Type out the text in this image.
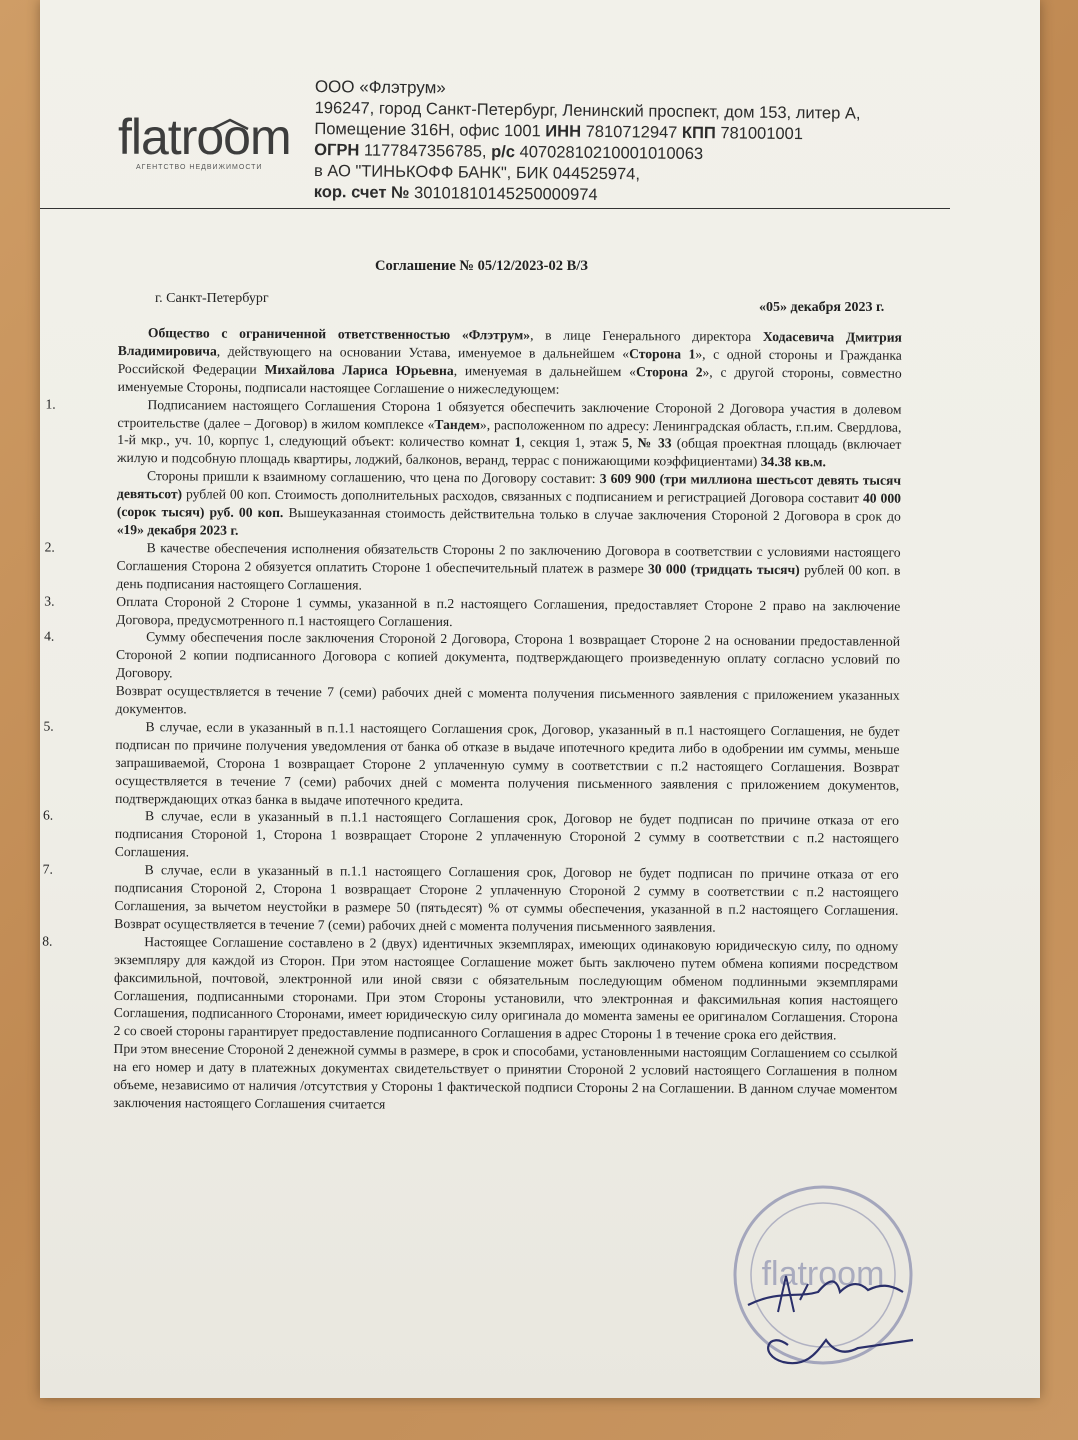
flatroom
АГЕНТСТВО НЕДВИЖИМОСТИ
ООО «Флэтрум»
196247, город Санкт-Петербург, Ленинский проспект, дом 153, литер А,
Помещение 316Н, офис 1001 ИНН 7810712947 КПП 781001001
ОГРН 1177847356785, р/с 40702810210001010063
в АО "ТИНЬКОФФ БАНК", БИК 044525974,
кор. счет № 30101810145250000974
Соглашение № 05/12/2023-02 В/З
г. Санкт-Петербург
«05» декабря 2023 г.

Общество с ограниченной ответственностью «Флэтрум», в лице Генерального директора Ходасевича Дмитрия Владимировича, действующего на основании Устава, именуемое в дальнейшем «Сторона 1», с одной стороны и Гражданка Российской Федерации Михайлова Лариса Юрьевна, именуемая в дальнейшем «Сторона 2», с другой стороны, совместно именуемые Стороны, подписали настоящее Соглашение о нижеследующем:

1.	Подписанием настоящего Соглашения Сторона 1 обязуется обеспечить заключение Стороной 2 Договора участия в долевом строительстве (далее – Договор) в жилом комплексе «Тандем», расположенном по адресу: Ленинградская область, г.п.им. Свердлова, 1-й мкр., уч. 10, корпус 1, следующий объект: количество комнат 1, секция 1, этаж 5, № 33 (общая проектная площадь (включает жилую и подсобную площадь квартиры, лоджий, балконов, веранд, террас с понижающими коэффициентами) 34.38 кв.м.

Стороны пришли к взаимному соглашению, что цена по Договору составит: 3 609 900 (три миллиона шестьсот девять тысяч девятьсот) рублей 00 коп. Стоимость дополнительных расходов, связанных с подписанием и регистрацией Договора составит 40 000 (сорок тысяч) руб. 00 коп. Вышеуказанная стоимость действительна только в случае заключения Стороной 2 Договора в срок до «19» декабря 2023 г.

2.	В качестве обеспечения исполнения обязательств Стороны 2 по заключению Договора в соответствии с условиями настоящего Соглашения Сторона 2 обязуется оплатить Стороне 1 обеспечительный платеж в размере 30 000 (тридцать тысяч) рублей 00 коп. в день подписания настоящего Соглашения.

3.	Оплата Стороной 2 Стороне 1 суммы, указанной в п.2 настоящего Соглашения, предоставляет Стороне 2 право на заключение Договора, предусмотренного п.1 настоящего Соглашения.

4.	Сумму обеспечения после заключения Стороной 2 Договора, Сторона 1 возвращает Стороне 2 на основании предоставленной Стороной 2 копии подписанного Договора с копией документа, подтверждающего произведенную оплату согласно условий по Договору.

Возврат осуществляется в течение 7 (семи) рабочих дней с момента получения письменного заявления с приложением указанных документов.

5.	В случае, если в указанный в п.1.1 настоящего Соглашения срок, Договор, указанный в п.1 настоящего Соглашения, не будет подписан по причине получения уведомления от банка об отказе в выдаче ипотечного кредита либо в одобрении им суммы, меньше запрашиваемой, Сторона 1 возвращает Стороне 2 уплаченную сумму в соответствии с п.2 настоящего Соглашения. Возврат осуществляется в течение 7 (семи) рабочих дней с момента получения письменного заявления с приложением документов, подтверждающих отказ банка в выдаче ипотечного кредита.

6.	В случае, если в указанный в п.1.1 настоящего Соглашения срок, Договор не будет подписан по причине отказа от его подписания Стороной 1, Сторона 1 возвращает Стороне 2 уплаченную Стороной 2 сумму в соответствии с п.2 настоящего Соглашения.

7.	В случае, если в указанный в п.1.1 настоящего Соглашения срок, Договор не будет подписан по причине отказа от его подписания Стороной 2, Сторона 1 возвращает Стороне 2 уплаченную Стороной 2 сумму в соответствии с п.2 настоящего Соглашения, за вычетом неустойки в размере 50 (пятьдесят) % от суммы обеспечения, указанной в п.2 настоящего Соглашения. Возврат осуществляется в течение 7 (семи) рабочих дней с момента получения письменного заявления.

8.	Настоящее Соглашение составлено в 2 (двух) идентичных экземплярах, имеющих одинаковую юридическую силу, по одному экземпляру для каждой из Сторон. При этом настоящее Соглашение может быть заключено путем обмена копиями посредством факсимильной, почтовой, электронной или иной связи с обязательным последующим обменом подлинными экземплярами Соглашения, подписанными сторонами. При этом Стороны установили, что электронная и факсимильная копия настоящего Соглашения, подписанного Сторонами, имеет юридическую силу оригинала до момента замены ее оригиналом Соглашения. Сторона 2 со своей стороны гарантирует предоставление подписанного Соглашения в адрес Стороны 1 в течение срока его действия.

При этом внесение Стороной 2 денежной суммы в размере, в срок и способами, установленными настоящим Соглашением со ссылкой на его номер и дату в платежных документах свидетельствует о принятии Стороной 2 условий настоящего Соглашения в полном объеме, независимо от наличия /отсутствия у Стороны 1 фактической подписи Стороны 2 на Соглашении. В данном случае моментом заключения настоящего Соглашения считается

flatroom
